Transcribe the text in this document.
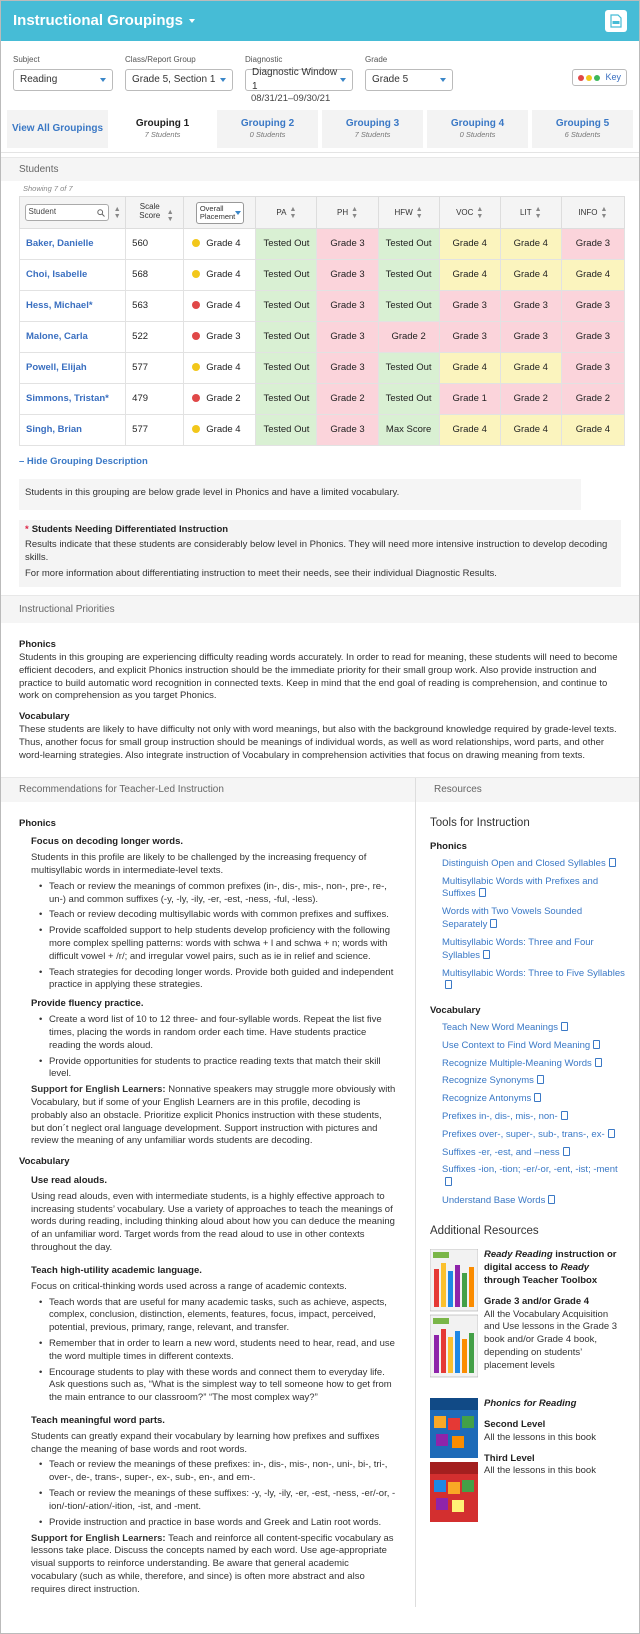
Instructional Groupings
Subject
Reading
Class/Report Group
Grade 5, Section 1
Diagnostic
Diagnostic Window 1
08/31/21–09/30/21
Grade
Grade 5	Key
View All Groupings	Grouping 1
7 Students
Grouping 2
0 Students
Grouping 3
7 Students
Grouping 4
0 Students
Grouping 5
6 Students
Students
Showing 7 of 7
Student ▲
▼	Scale Score ▲
▼	Overall Placement	PA ▲
▼	PH ▲
▼	HFW ▲
▼	VOC ▲
▼	LIT ▲
▼	INFO ▲
▼
Baker, Danielle	560	Grade 4	Tested Out	Grade 3	Tested Out	Grade 4	Grade 4	Grade 3
Choi, Isabelle	568	Grade 4	Tested Out	Grade 3	Tested Out	Grade 4	Grade 4	Grade 4
Hess, Michael*	563	Grade 4	Tested Out	Grade 3	Tested Out	Grade 3	Grade 3	Grade 3
Malone, Carla	522	Grade 3	Tested Out	Grade 3	Grade 2	Grade 3	Grade 3	Grade 3
Powell, Elijah	577	Grade 4	Tested Out	Grade 3	Tested Out	Grade 4	Grade 4	Grade 3
Simmons, Tristan*	479	Grade 2	Tested Out	Grade 2	Tested Out	Grade 1	Grade 2	Grade 2
Singh, Brian	577	Grade 4	Tested Out	Grade 3	Max Score	Grade 4	Grade 4	Grade 4
– Hide Grouping Description
Students in this grouping are below grade level in Phonics and have a limited vocabulary.
* Students Needing Differentiated Instruction
Results indicate that these students are considerably below level in Phonics. They will need more intensive instruction to develop decoding skills.
For more information about differentiating instruction to meet their needs, see their individual Diagnostic Results.
Instructional Priorities
Phonics

Students in this grouping are experiencing difficulty reading words accurately. In order to read for meaning, these students will need to become efficient decoders, and explicit Phonics instruction should be the immediate priority for their small group work. Also provide instruction and practice to build automatic word recognition in connected texts. Keep in mind that the end goal of reading is comprehension, and continue to work on comprehension as you target Phonics.

Vocabulary

These students are likely to have difficulty not only with word meanings, but also with the background knowledge required by grade-level texts. Thus, another focus for small group instruction should be meanings of individual words, as well as word relationships, word parts, and other word-learning strategies. Also integrate instruction of Vocabulary in comprehension activities that focus on drawing meaning from texts.

Recommendations for Teacher-Led Instruction
Phonics
Focus on decoding longer words.

Students in this profile are likely to be challenged by the increasing frequency of multisyllabic words in intermediate-level texts.

• Teach or review the meanings of common prefixes (in-, dis-, mis-, non-, pre-, re-, un-) and common suffixes (-y, -ly, -ily, -er, -est, -ness, -ful, -less).
• Teach or review decoding multisyllabic words with common prefixes and suffixes.
• Provide scaffolded support to help students develop proficiency with the following more complex spelling patterns: words with schwa + l and schwa + n; words with difficult vowel + /r/; and irregular vowel pairs, such as ie in relief and science.
• Teach strategies for decoding longer words. Provide both guided and independent practice in applying these strategies.
Provide fluency practice.
• Create a word list of 10 to 12 three- and four-syllable words. Repeat the list five times, placing the words in random order each time. Have students practice reading the words aloud.
• Provide opportunities for students to practice reading texts that match their skill level.

Support for English Learners: Nonnative speakers may struggle more obviously with Vocabulary, but if some of your English Learners are in this profile, decoding is probably also an obstacle. Prioritize explicit Phonics instruction with these students, but don´t neglect oral language development. Support instruction with pictures and review the meaning of any unfamiliar words students are decoding.

Vocabulary
Use read alouds.

Using read alouds, even with intermediate students, is a highly effective approach to increasing students’ vocabulary. Use a variety of approaches to teach the meanings of words during reading, including thinking aloud about how you can deduce the meaning of an unfamiliar word. Target words from the read aloud to use in other contexts throughout the day.

Teach high-utility academic language.

Focus on critical-thinking words used across a range of academic contexts.

• Teach words that are useful for many academic tasks, such as achieve, aspects, complex, conclusion, distinction, elements, features, focus, impact, perceived, potential, previous, primary, range, relevant, and transfer.
• Remember that in order to learn a new word, students need to hear, read, and use the word multiple times in different contexts.
• Encourage students to play with these words and connect them to everyday life. Ask questions such as, “What is the simplest way to tell someone how to get from the main entrance to our classroom?” “The most complex way?”
Teach meaningful word parts.

Students can greatly expand their vocabulary by learning how prefixes and suffixes change the meaning of base words and root words.

• Teach or review the meanings of these prefixes: in-, dis-, mis-, non-, uni-, bi-, tri-, over-, de-, trans-, super-, ex-, sub-, en-, and em-.
• Teach or review the meanings of these suffixes: -y, -ly, -ily, -er, -est, -ness, -er/-or, -ion/-tion/-ation/-ition, -ist, and -ment.
• Provide instruction and practice in base words and Greek and Latin root words.

Support for English Learners: Teach and reinforce all content-specific vocabulary as lessons take place. Discuss the concepts named by each word. Use age-appropriate visual supports to reinforce understanding. Be aware that general academic vocabulary (such as while, therefore, and since) is often more abstract and also requires direct instruction.

Resources
Tools for Instruction
Phonics
Distinguish Open and Closed Syllables
Multisyllabic Words with Prefixes and Suffixes
Words with Two Vowels Sounded Separately
Multisyllabic Words: Three and Four Syllables
Multisyllabic Words: Three to Five Syllables
Vocabulary
Teach New Word Meanings
Use Context to Find Word Meaning
Recognize Multiple-Meaning Words
Recognize Synonyms
Recognize Antonyms
Prefixes in-, dis-, mis-, non-
Prefixes over-, super-, sub-, trans-, ex-
Suffixes -er, -est, and –ness
Suffixes -ion, -tion; -er/-or, -ent, -ist; -ment
Understand Base Words
Additional Resources
Ready Reading instruction or digital access to Ready through Teacher Toolbox
Grade 3 and/or Grade 4
All the Vocabulary Acquisition and Use lessons in the Grade 3 book and/or Grade 4 book, depending on students’ placement levels
Phonics for Reading
Second Level
All the lessons in this book
Third Level
All the lessons in this book
